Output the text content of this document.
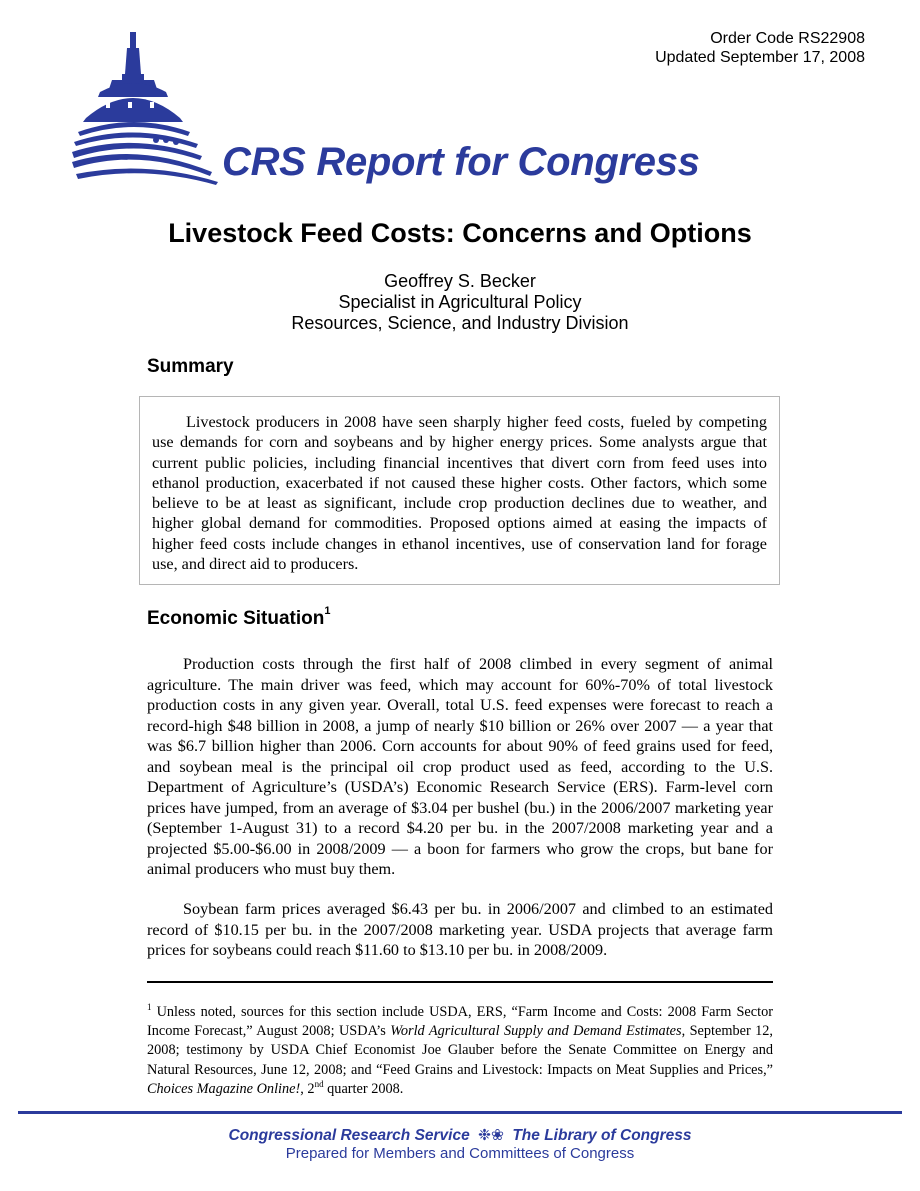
Order Code RS22908
Updated September 17, 2008
CRS Report for Congress
Livestock Feed Costs: Concerns and Options
Geoffrey S. Becker
Specialist in Agricultural Policy
Resources, Science, and Industry Division
Summary

Livestock producers in 2008 have seen sharply higher feed costs, fueled by competing use demands for corn and soybeans and by higher energy prices. Some analysts argue that current public policies, including financial incentives that divert corn from feed uses into ethanol production, exacerbated if not caused these higher costs. Other factors, which some believe to be at least as significant, include crop production declines due to weather, and higher global demand for commodities. Proposed options aimed at easing the impacts of higher feed costs include changes in ethanol incentives, use of conservation land for forage use, and direct aid to producers.

Economic Situation$^1$

Production costs through the first half of 2008 climbed in every segment of animal agriculture. The main driver was feed, which may account for 60%-70% of total livestock production costs in any given year. Overall, total U.S. feed expenses were forecast to reach a record-high $48 billion in 2008, a jump of nearly $10 billion or 26% over 2007 — a year that was $6.7 billion higher than 2006. Corn accounts for about 90% of feed grains used for feed, and soybean meal is the principal oil crop product used as feed, according to the U.S. Department of Agriculture’s (USDA’s) Economic Research Service (ERS). Farm-level corn prices have jumped, from an average of $3.04 per bushel (bu.) in the 2006/2007 marketing year (September 1-August 31) to a record $4.20 per bu. in the 2007/2008 marketing year and a projected $5.00-$6.00 in 2008/2009 — a boon for farmers who grow the crops, but bane for animal producers who must buy them.

Soybean farm prices averaged $6.43 per bu. in 2006/2007 and climbed to an estimated record of $10.15 per bu. in the 2007/2008 marketing year. USDA projects that average farm prices for soybeans could reach $11.60 to $13.10 per bu. in 2008/2009.

$^1$ Unless noted, sources for this section include USDA, ERS, “Farm Income and Costs: 2008 Farm Sector Income Forecast,” August 2008; USDA’s World Agricultural Supply and Demand Estimates, September 12, 2008; testimony by USDA Chief Economist Joe Glauber before the Senate Committee on Energy and Natural Resources, June 12, 2008; and “Feed Grains and Livestock: Impacts on Meat Supplies and Prices,” Choices Magazine Online!, 2nd quarter 2008.

Congressional Research Service ❉❀ The Library of Congress
Prepared for Members and Committees of Congress
